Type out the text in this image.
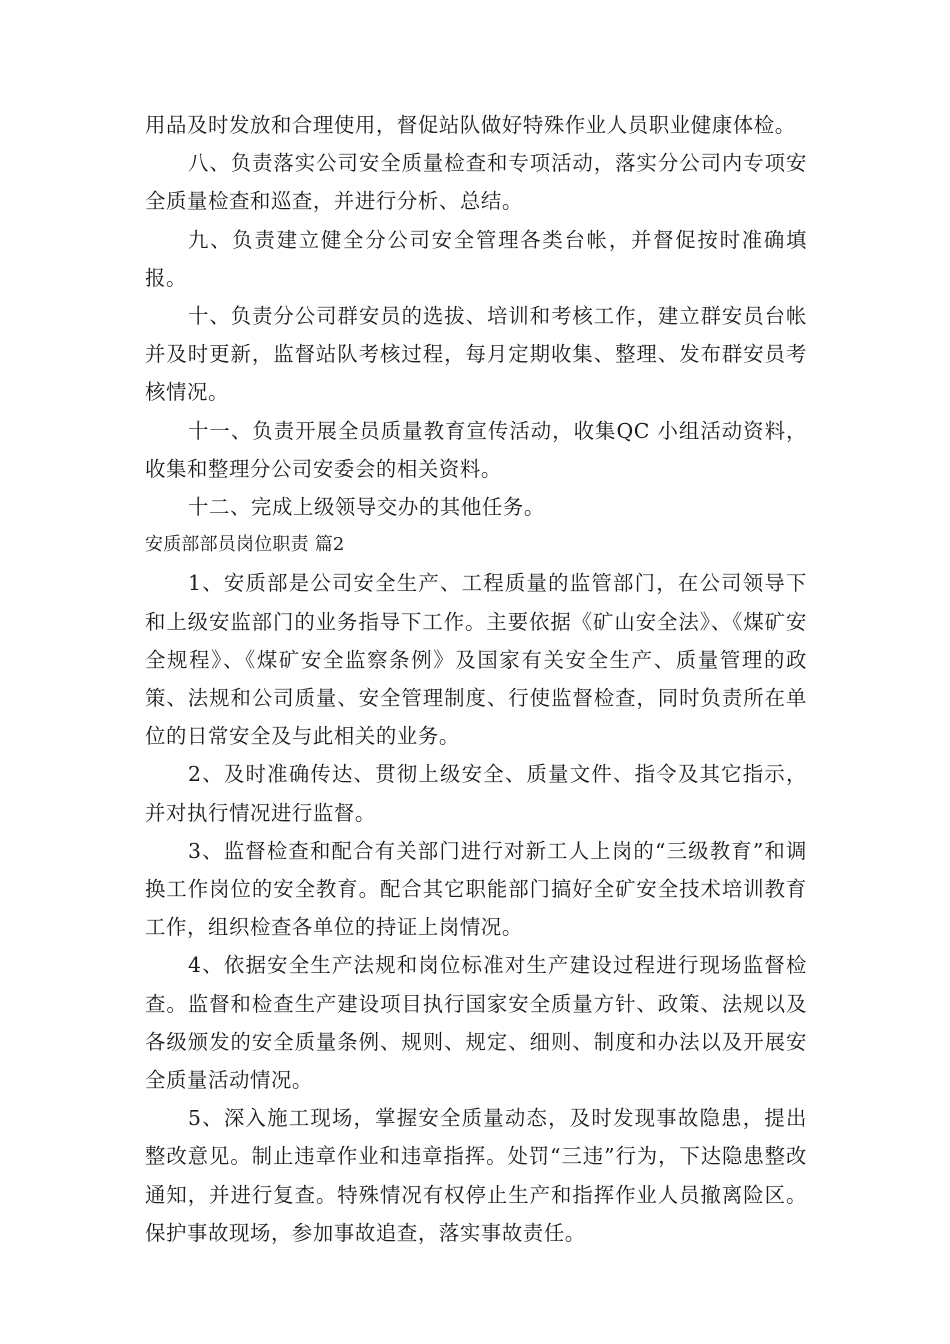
用品及时发放和合理使用，督促站队做好特殊作业人员职业健康体检。

八、负责落实公司安全质量检查和专项活动，落实分公司内专项安全质量检查和巡查，并进行分析、总结。

九、负责建立健全分公司安全管理各类台帐，并督促按时准确填报。

十、负责分公司群安员的选拔、培训和考核工作，建立群安员台帐并及时更新，监督站队考核过程，每月定期收集、整理、发布群安员考核情况。

十一、负责开展全员质量教育宣传活动，收集QC 小组活动资料，收集和整理分公司安委会的相关资料。

十二、完成上级领导交办的其他任务。

安质部部员岗位职责 篇2

1、安质部是公司安全生产、工程质量的监管部门，在公司领导下和上级安监部门的业务指导下工作。主要依据《矿山安全法》、《煤矿安全规程》、《煤矿安全监察条例》及国家有关安全生产、质量管理的政策、法规和公司质量、安全管理制度、行使监督检查，同时负责所在单位的日常安全及与此相关的业务。

2、及时准确传达、贯彻上级安全、质量文件、指令及其它指示，并对执行情况进行监督。

3、监督检查和配合有关部门进行对新工人上岗的“三级教育”和调换工作岗位的安全教育。配合其它职能部门搞好全矿安全技术培训教育工作，组织检查各单位的持证上岗情况。

4、依据安全生产法规和岗位标准对生产建设过程进行现场监督检查。监督和检查生产建设项目执行国家安全质量方针、政策、法规以及各级颁发的安全质量条例、规则、规定、细则、制度和办法以及开展安全质量活动情况。

5、深入施工现场，掌握安全质量动态，及时发现事故隐患，提出整改意见。制止违章作业和违章指挥。处罚“三违”行为，下达隐患整改通知，并进行复查。特殊情况有权停止生产和指挥作业人员撤离险区。保护事故现场，参加事故追查，落实事故责任。
